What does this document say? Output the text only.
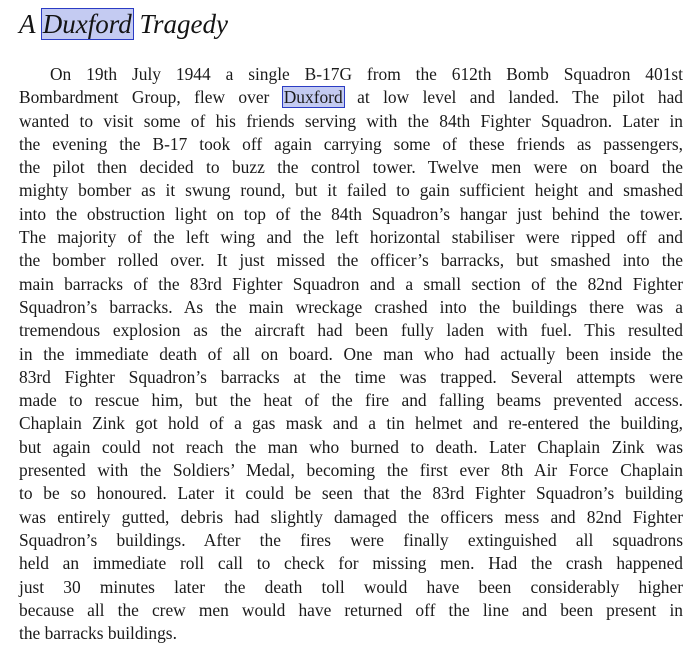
A Duxford Tragedy
On 19th July 1944 a single B-17G from the 612th Bomb Squadron 401st
Bombardment Group, flew over Duxford at low level and landed. The pilot had
wanted to visit some of his friends serving with the 84th Fighter Squadron. Later in
the evening the B-17 took off again carrying some of these friends as passengers,
the pilot then decided to buzz the control tower. Twelve men were on board the
mighty bomber as it swung round, but it failed to gain sufficient height and smashed
into the obstruction light on top of the 84th Squadron’s hangar just behind the tower.
The majority of the left wing and the left horizontal stabiliser were ripped off and
the bomber rolled over. It just missed the officer’s barracks, but smashed into the
main barracks of the 83rd Fighter Squadron and a small section of the 82nd Fighter
Squadron’s barracks. As the main wreckage crashed into the buildings there was a
tremendous explosion as the aircraft had been fully laden with fuel. This resulted
in the immediate death of all on board. One man who had actually been inside the
83rd Fighter Squadron’s barracks at the time was trapped. Several attempts were
made to rescue him, but the heat of the fire and falling beams prevented access.
Chaplain Zink got hold of a gas mask and a tin helmet and re-entered the building,
but again could not reach the man who burned to death. Later Chaplain Zink was
presented with the Soldiers’ Medal, becoming the first ever 8th Air Force Chaplain
to be so honoured. Later it could be seen that the 83rd Fighter Squadron’s building
was entirely gutted, debris had slightly damaged the officers mess and 82nd Fighter
Squadron’s buildings. After the fires were finally extinguished all squadrons
held an immediate roll call to check for missing men. Had the crash happened
just 30 minutes later the death toll would have been considerably higher
because all the crew men would have returned off the line and been present in
the barracks buildings.
